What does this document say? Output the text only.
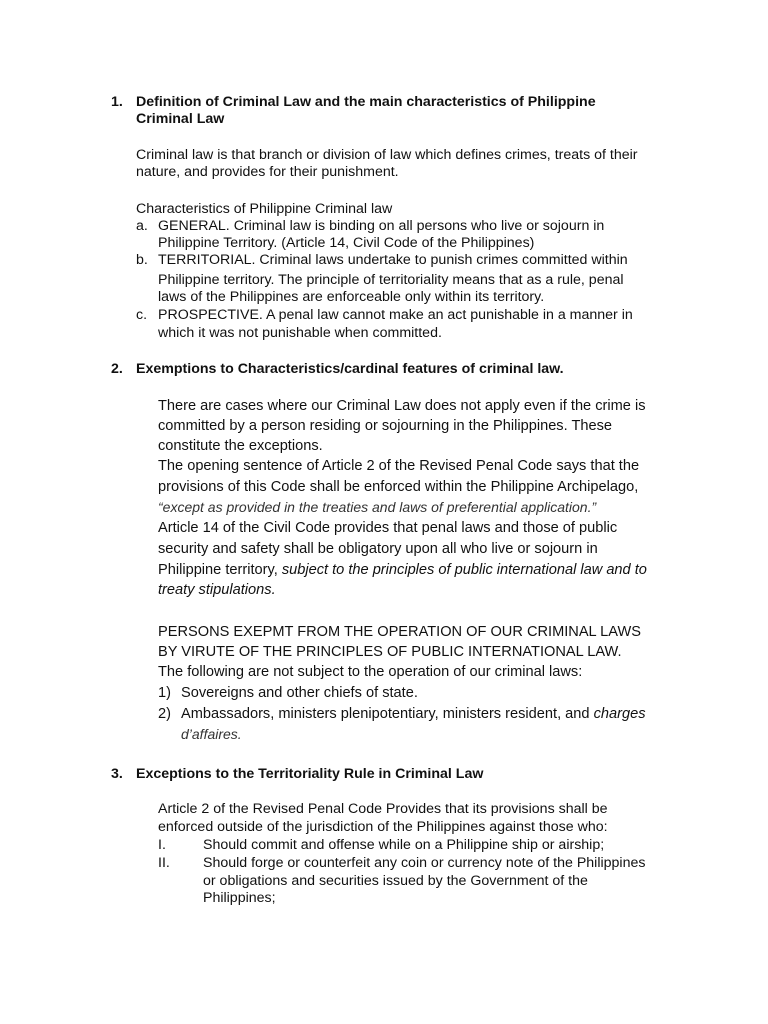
1. Definition of Criminal Law and the main characteristics of Philippine
Criminal Law
Criminal law is that branch or division of law which defines crimes, treats of their
nature, and provides for their punishment.
Characteristics of Philippine Criminal law
a. GENERAL. Criminal law is binding on all persons who live or sojourn in
Philippine Territory. (Article 14, Civil Code of the Philippines)
b. TERRITORIAL. Criminal laws undertake to punish crimes committed within
Philippine territory. The principle of territoriality means that as a rule, penal
laws of the Philippines are enforceable only within its territory.
c. PROSPECTIVE. A penal law cannot make an act punishable in a manner in
which it was not punishable when committed.
2. Exemptions to Characteristics/cardinal features of criminal law.
There are cases where our Criminal Law does not apply even if the crime is
committed by a person residing or sojourning in the Philippines. These
constitute the exceptions.
The opening sentence of Article 2 of the Revised Penal Code says that the
provisions of this Code shall be enforced within the Philippine Archipelago,
“except as provided in the treaties and laws of preferential application.”
Article 14 of the Civil Code provides that penal laws and those of public
security and safety shall be obligatory upon all who live or sojourn in
Philippine territory, subject to the principles of public international law and to
treaty stipulations.
PERSONS EXEPMT FROM THE OPERATION OF OUR CRIMINAL LAWS
BY VIRUTE OF THE PRINCIPLES OF PUBLIC INTERNATIONAL LAW.
The following are not subject to the operation of our criminal laws:
1) Sovereigns and other chiefs of state.
2) Ambassadors, ministers plenipotentiary, ministers resident, and charges
d’affaires.
3. Exceptions to the Territoriality Rule in Criminal Law
Article 2 of the Revised Penal Code Provides that its provisions shall be
enforced outside of the jurisdiction of the Philippines against those who:
I.	Should commit and offense while on a Philippine ship or airship;
II. Should forge or counterfeit any coin or currency note of the Philippines
or obligations and securities issued by the Government of the
Philippines;
